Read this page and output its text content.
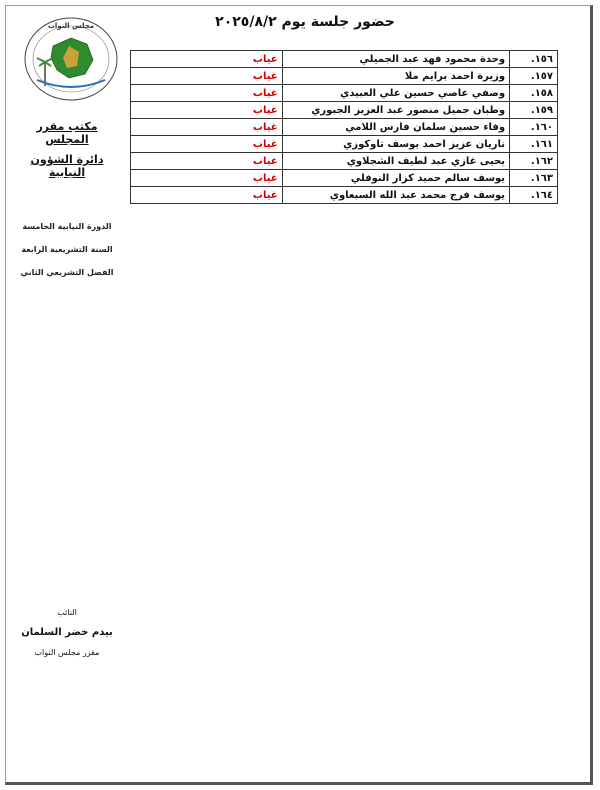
حضور جلسة يوم ٢٠٢٥/٨/٢
مجلس النواب
مكتب مقرر المجلس
دائرة الشؤون النيابية
الدورة النيابية الخامسة
السنة التشريعية الرابعة
الفصل التشريعي الثاني
١٥٦.	وحدة محمود فهد عبد الجميلي	غياب
١٥٧.	وزيرة احمد برايم ملا	غياب
١٥٨.	وصفي عاصي حسين علي العبيدي	غياب
١٥٩.	وطبان جميل منصور عبد العزيز الجبوري	غياب
١٦٠.	وفاء حسين سلمان فارس اللامي	غياب
١٦١.	ناريان عزيز احمد يوسف تاوكوزي	غياب
١٦٢.	يحيى غازي عبد لطيف الشجلاوي	غياب
١٦٣.	يوسف سالم حميد كزار النوفلي	غياب
١٦٤.	يوسف فرج محمد عبد الله السبعاوي	غياب
النائب
بيدم خضر السلمان
مقرر مجلس النواب
